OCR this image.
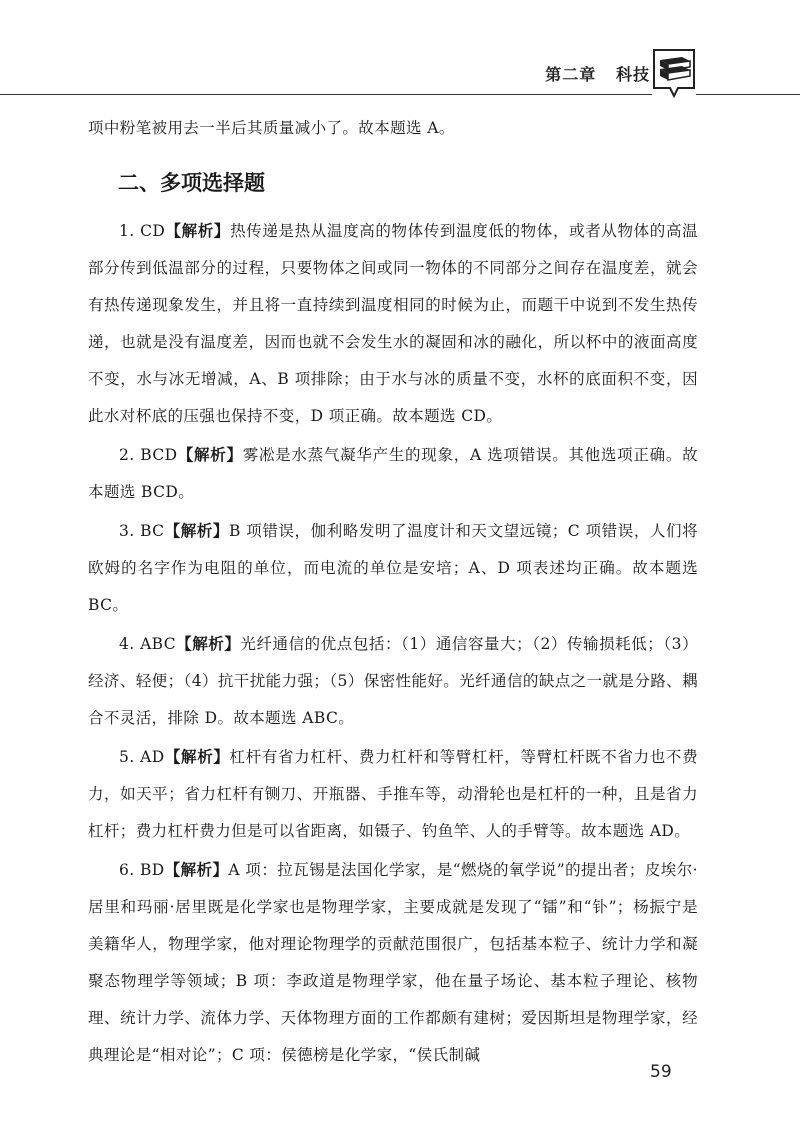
第二章 科技

项中粉笔被用去一半后其质量减小了。故本题选 A。

二、多项选择题

1. CD【解析】热传递是热从温度高的物体传到温度低的物体，或者从物体的高温部分传到低温部分的过程，只要物体之间或同一物体的不同部分之间存在温度差，就会有热传递现象发生，并且将一直持续到温度相同的时候为止，而题干中说到不发生热传递，也就是没有温度差，因而也就不会发生水的凝固和冰的融化，所以杯中的液面高度不变，水与冰无增减，A、B 项排除；由于水与冰的质量不变，水杯的底面积不变，因此水对杯底的压强也保持不变，D 项正确。故本题选 CD。

2. BCD【解析】雾凇是水蒸气凝华产生的现象，A 选项错误。其他选项正确。故本题选 BCD。

3. BC【解析】B 项错误，伽利略发明了温度计和天文望远镜；C 项错误，人们将欧姆的名字作为电阻的单位，而电流的单位是安培；A、D 项表述均正确。故本题选 BC。

4. ABC【解析】光纤通信的优点包括：（1）通信容量大；（2）传输损耗低；（3）经济、轻便；（4）抗干扰能力强；（5）保密性能好。光纤通信的缺点之一就是分路、耦合不灵活，排除 D。故本题选 ABC。

5. AD【解析】杠杆有省力杠杆、费力杠杆和等臂杠杆，等臂杠杆既不省力也不费力，如天平；省力杠杆有铡刀、开瓶器、手推车等，动滑轮也是杠杆的一种，且是省力杠杆；费力杠杆费力但是可以省距离，如镊子、钓鱼竿、人的手臂等。故本题选 AD。

6. BD【解析】A 项：拉瓦锡是法国化学家，是“燃烧的氧学说”的提出者；皮埃尔·居里和玛丽·居里既是化学家也是物理学家，主要成就是发现了“镭”和“钋”；杨振宁是美籍华人，物理学家，他对理论物理学的贡献范围很广，包括基本粒子、统计力学和凝聚态物理学等领域；B 项：李政道是物理学家，他在量子场论、基本粒子理论、核物理、统计力学、流体力学、天体物理方面的工作都颇有建树；爱因斯坦是物理学家，经典理论是“相对论”；C 项：侯德榜是化学家，“侯氏制碱

59
